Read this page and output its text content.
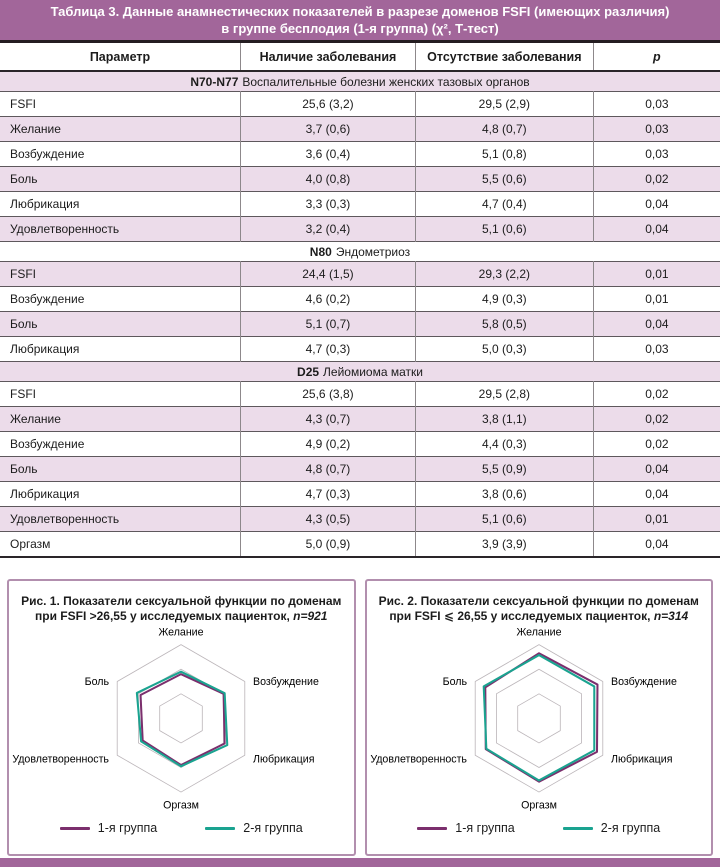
Таблица 3. Данные анамнестических показателей в разрезе доменов FSFI (имеющих различия)
в группе бесплодия (1-я группа) (χ², Т-тест)
Параметр	Наличие заболевания	Отсутствие заболевания	p
N70-N77 Воспалительные болезни женских тазовых органов			
FSFI	25,6 (3,2)	29,5 (2,9)	0,03
Желание	3,7 (0,6)	4,8 (0,7)	0,03
Возбуждение	3,6 (0,4)	5,1 (0,8)	0,03
Боль	4,0 (0,8)	5,5 (0,6)	0,02
Любрикация	3,3 (0,3)	4,7 (0,4)	0,04
Удовлетворенность	3,2 (0,4)	5,1 (0,6)	0,04
N80 Эндометриоз			
FSFI	24,4 (1,5)	29,3 (2,2)	0,01
Возбуждение	4,6 (0,2)	4,9 (0,3)	0,01
Боль	5,1 (0,7)	5,8 (0,5)	0,04
Любрикация	4,7 (0,3)	5,0 (0,3)	0,03
D25 Лейомиома матки			
FSFI	25,6 (3,8)	29,5 (2,8)	0,02
Желание	4,3 (0,7)	3,8 (1,1)	0,02
Возбуждение	4,9 (0,2)	4,4 (0,3)	0,02
Боль	4,8 (0,7)	5,5 (0,9)	0,04
Любрикация	4,7 (0,3)	3,8 (0,6)	0,04
Удовлетворенность	4,3 (0,5)	5,1 (0,6)	0,01
Оргазм	5,0 (0,9)	3,9 (3,9)	0,04
Рис. 1. Показатели сексуальной функции по доменам
при FSFI >26,55 у исследуемых пациенток, n=921
Желание
Возбуждение
Любрикация
Оргазм
Удовлетворенность
Боль
1-я группа	2-я группа
Рис. 2. Показатели сексуальной функции по доменам
при FSFI ⩽ 26,55 у исследуемых пациенток, n=314
Желание
Возбуждение
Любрикация
Оргазм
Удовлетворенность
Боль
1-я группа	2-я группа
